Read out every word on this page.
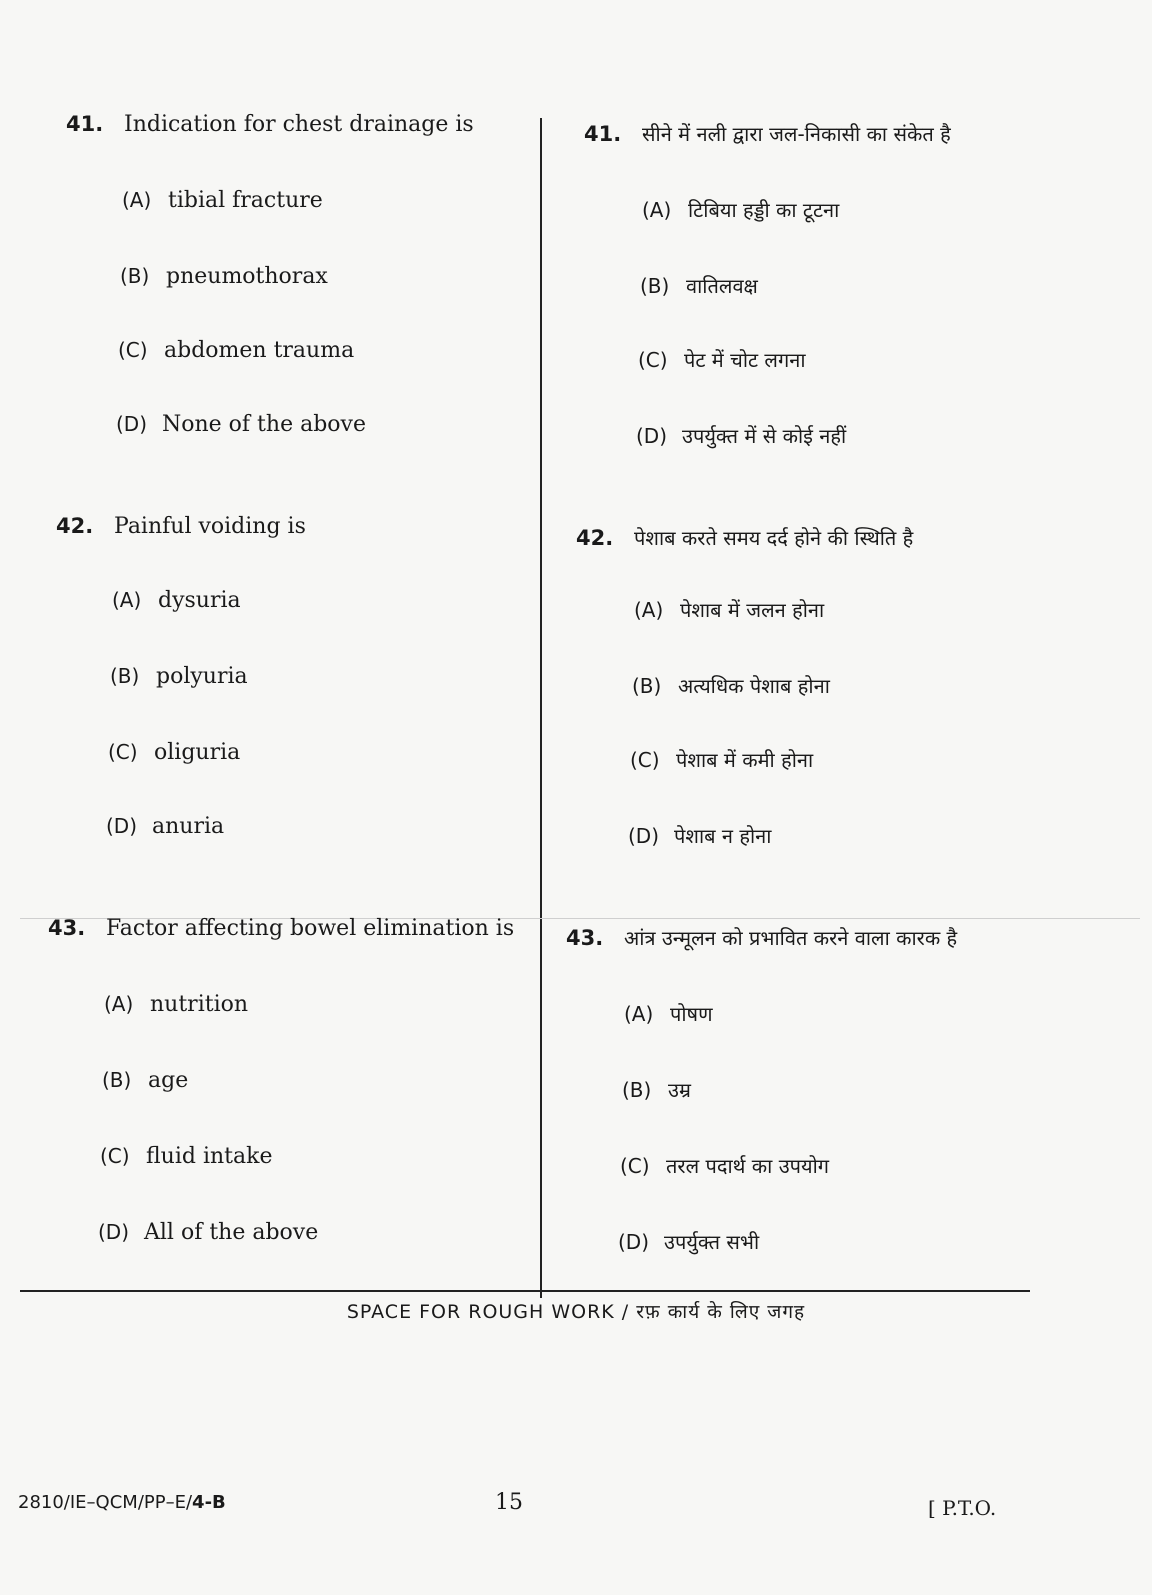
41. Indication for chest drainage is
(A) tibial fracture
(B) pneumothorax
(C) abdomen trauma
(D) None of the above
42. Painful voiding is
(A) dysuria
(B) polyuria
(C) oliguria
(D) anuria
43. Factor affecting bowel elimination is
(A) nutrition
(B) age
(C) fluid intake
(D) All of the above
41. सीने में नली द्वारा जल-निकासी का संकेत है
(A) टिबिया हड्डी का टूटना
(B) वातिलवक्ष
(C) पेट में चोट लगना
(D) उपर्युक्त में से कोई नहीं
42. पेशाब करते समय दर्द होने की स्थिति है
(A) पेशाब में जलन होना
(B) अत्यधिक पेशाब होना
(C) पेशाब में कमी होना
(D) पेशाब न होना
43. आंत्र उन्मूलन को प्रभावित करने वाला कारक है
(A) पोषण
(B) उम्र
(C) तरल पदार्थ का उपयोग
(D) उपर्युक्त सभी
SPACE FOR ROUGH WORK / रफ़ कार्य के लिए जगह
2810/IE–QCM/PP–E/4-B	15	[ P.T.O.
